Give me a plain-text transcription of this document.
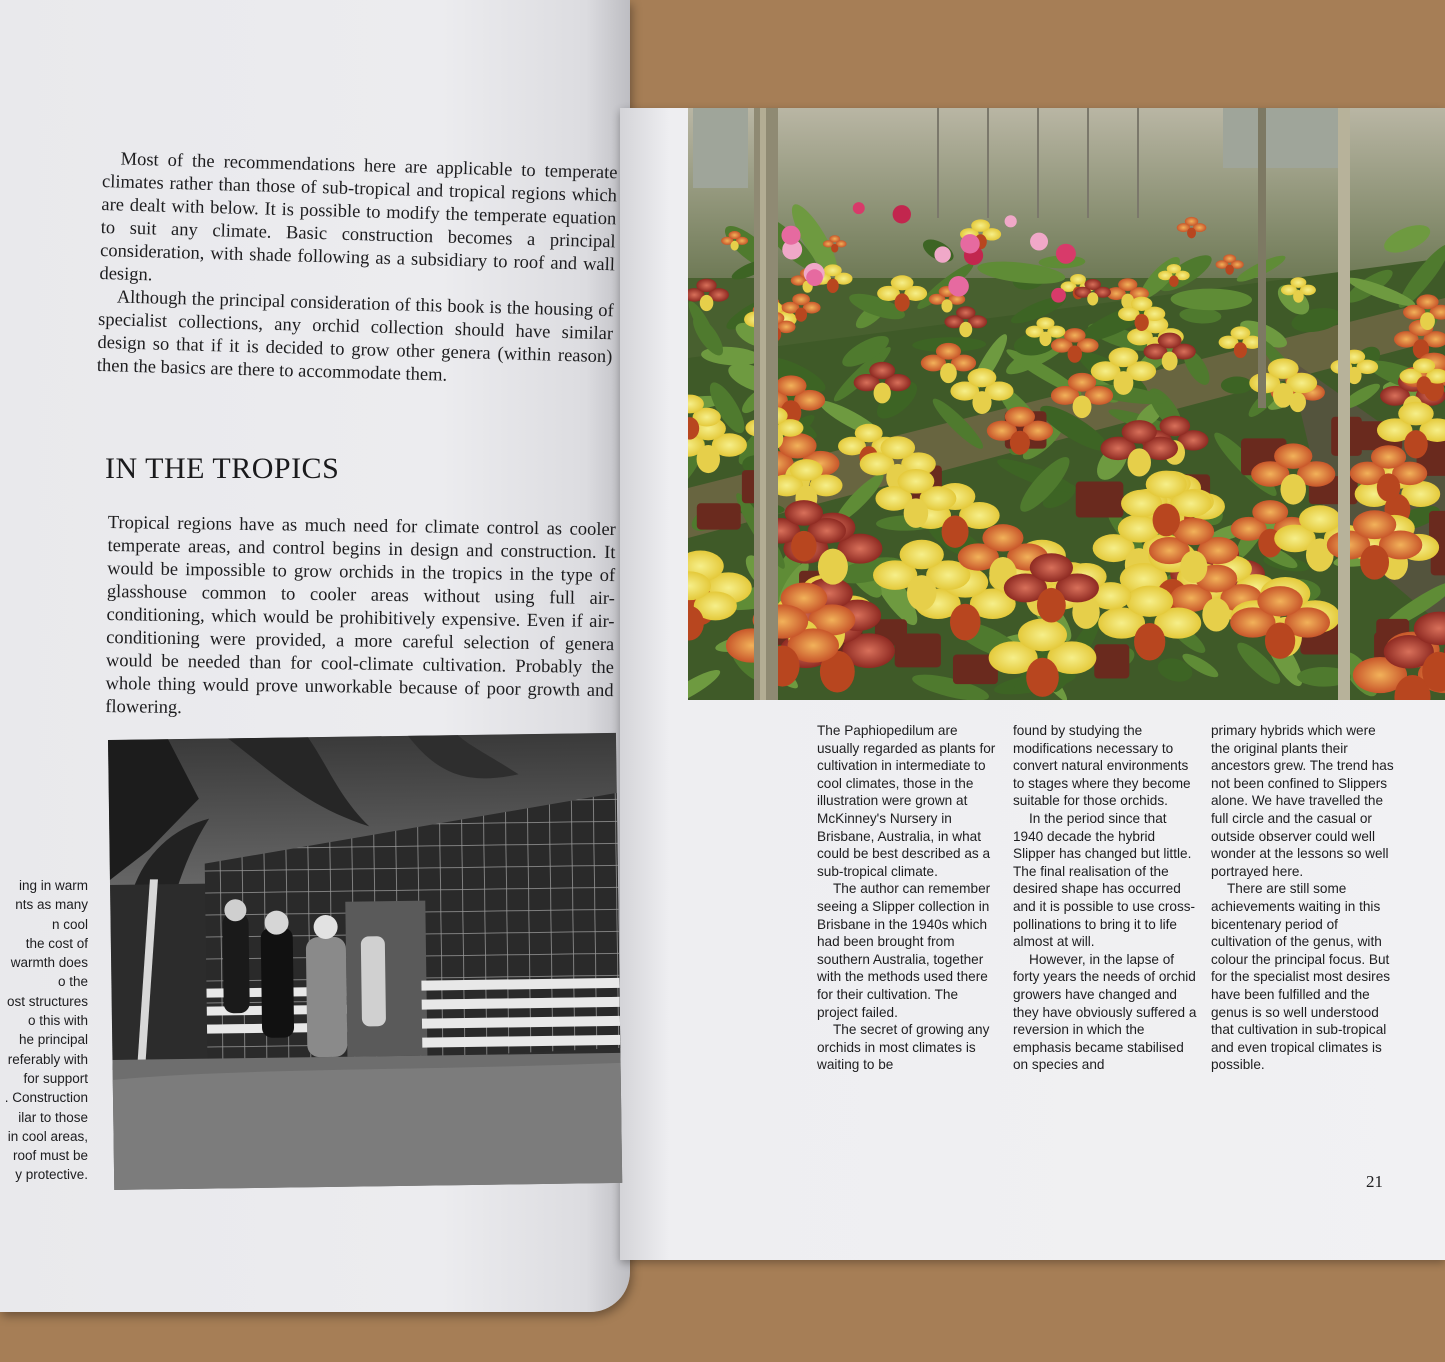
Most of the recommendations here are applicable to temperate climates rather than those of sub-tropical and tropical regions which are dealt with below. It is possible to modify the temperate equation to suit any climate. Basic construction becomes a principal consideration, with shade following as a subsidiary to roof and wall design.

Although the principal consideration of this book is the housing of specialist collections, any orchid collection should have similar design so that if it is decided to grow other genera (within reason) then the basics are there to accommodate them.

IN THE TROPICS

Tropical regions have as much need for climate control as cooler temperate areas, and control begins in design and construction. It would be impossible to grow orchids in the tropics in the type of glasshouse common to cooler areas without using full air-conditioning, which would be prohibitively expensive. Even if air-conditioning were provided, a more careful selection of genera would be needed than for cool-climate cultivation. Probably the whole thing would prove unworkable because of poor growth and flowering.

ing in warm
nts as many
n cool
the cost of
warmth does
o the
ost structures
o this with
he principal
referably with
for support
. Construction
ilar to those
in cool areas,
roof must be
y protective.

The Paphiopedilum are usually regarded as plants for cultivation in intermediate to cool climates, those in the illustration were grown at McKinney's Nursery in Brisbane, Australia, in what could be best described as a sub-tropical climate.

The author can remember seeing a Slipper collection in Brisbane in the 1940s which had been brought from southern Australia, together with the methods used there for their cultivation. The project failed.

The secret of growing any orchids in most climates is waiting to be

found by studying the modifications necessary to convert natural environments to stages where they become suitable for those orchids.

In the period since that 1940 decade the hybrid Slipper has changed but little. The final realisation of the desired shape has occurred and it is possible to use cross-pollinations to bring it to life almost at will.

However, in the lapse of forty years the needs of orchid growers have changed and they have obviously suffered a reversion in which the emphasis became stabilised on species and

primary hybrids which were the original plants their ancestors grew. The trend has not been confined to Slippers alone. We have travelled the full circle and the casual or outside observer could well wonder at the lessons so well portrayed here.

There are still some achievements waiting in this bicentenary period of cultivation of the genus, with colour the principal focus. But for the specialist most desires have been fulfilled and the genus is so well understood that cultivation in sub-tropical and even tropical climates is possible.

21
